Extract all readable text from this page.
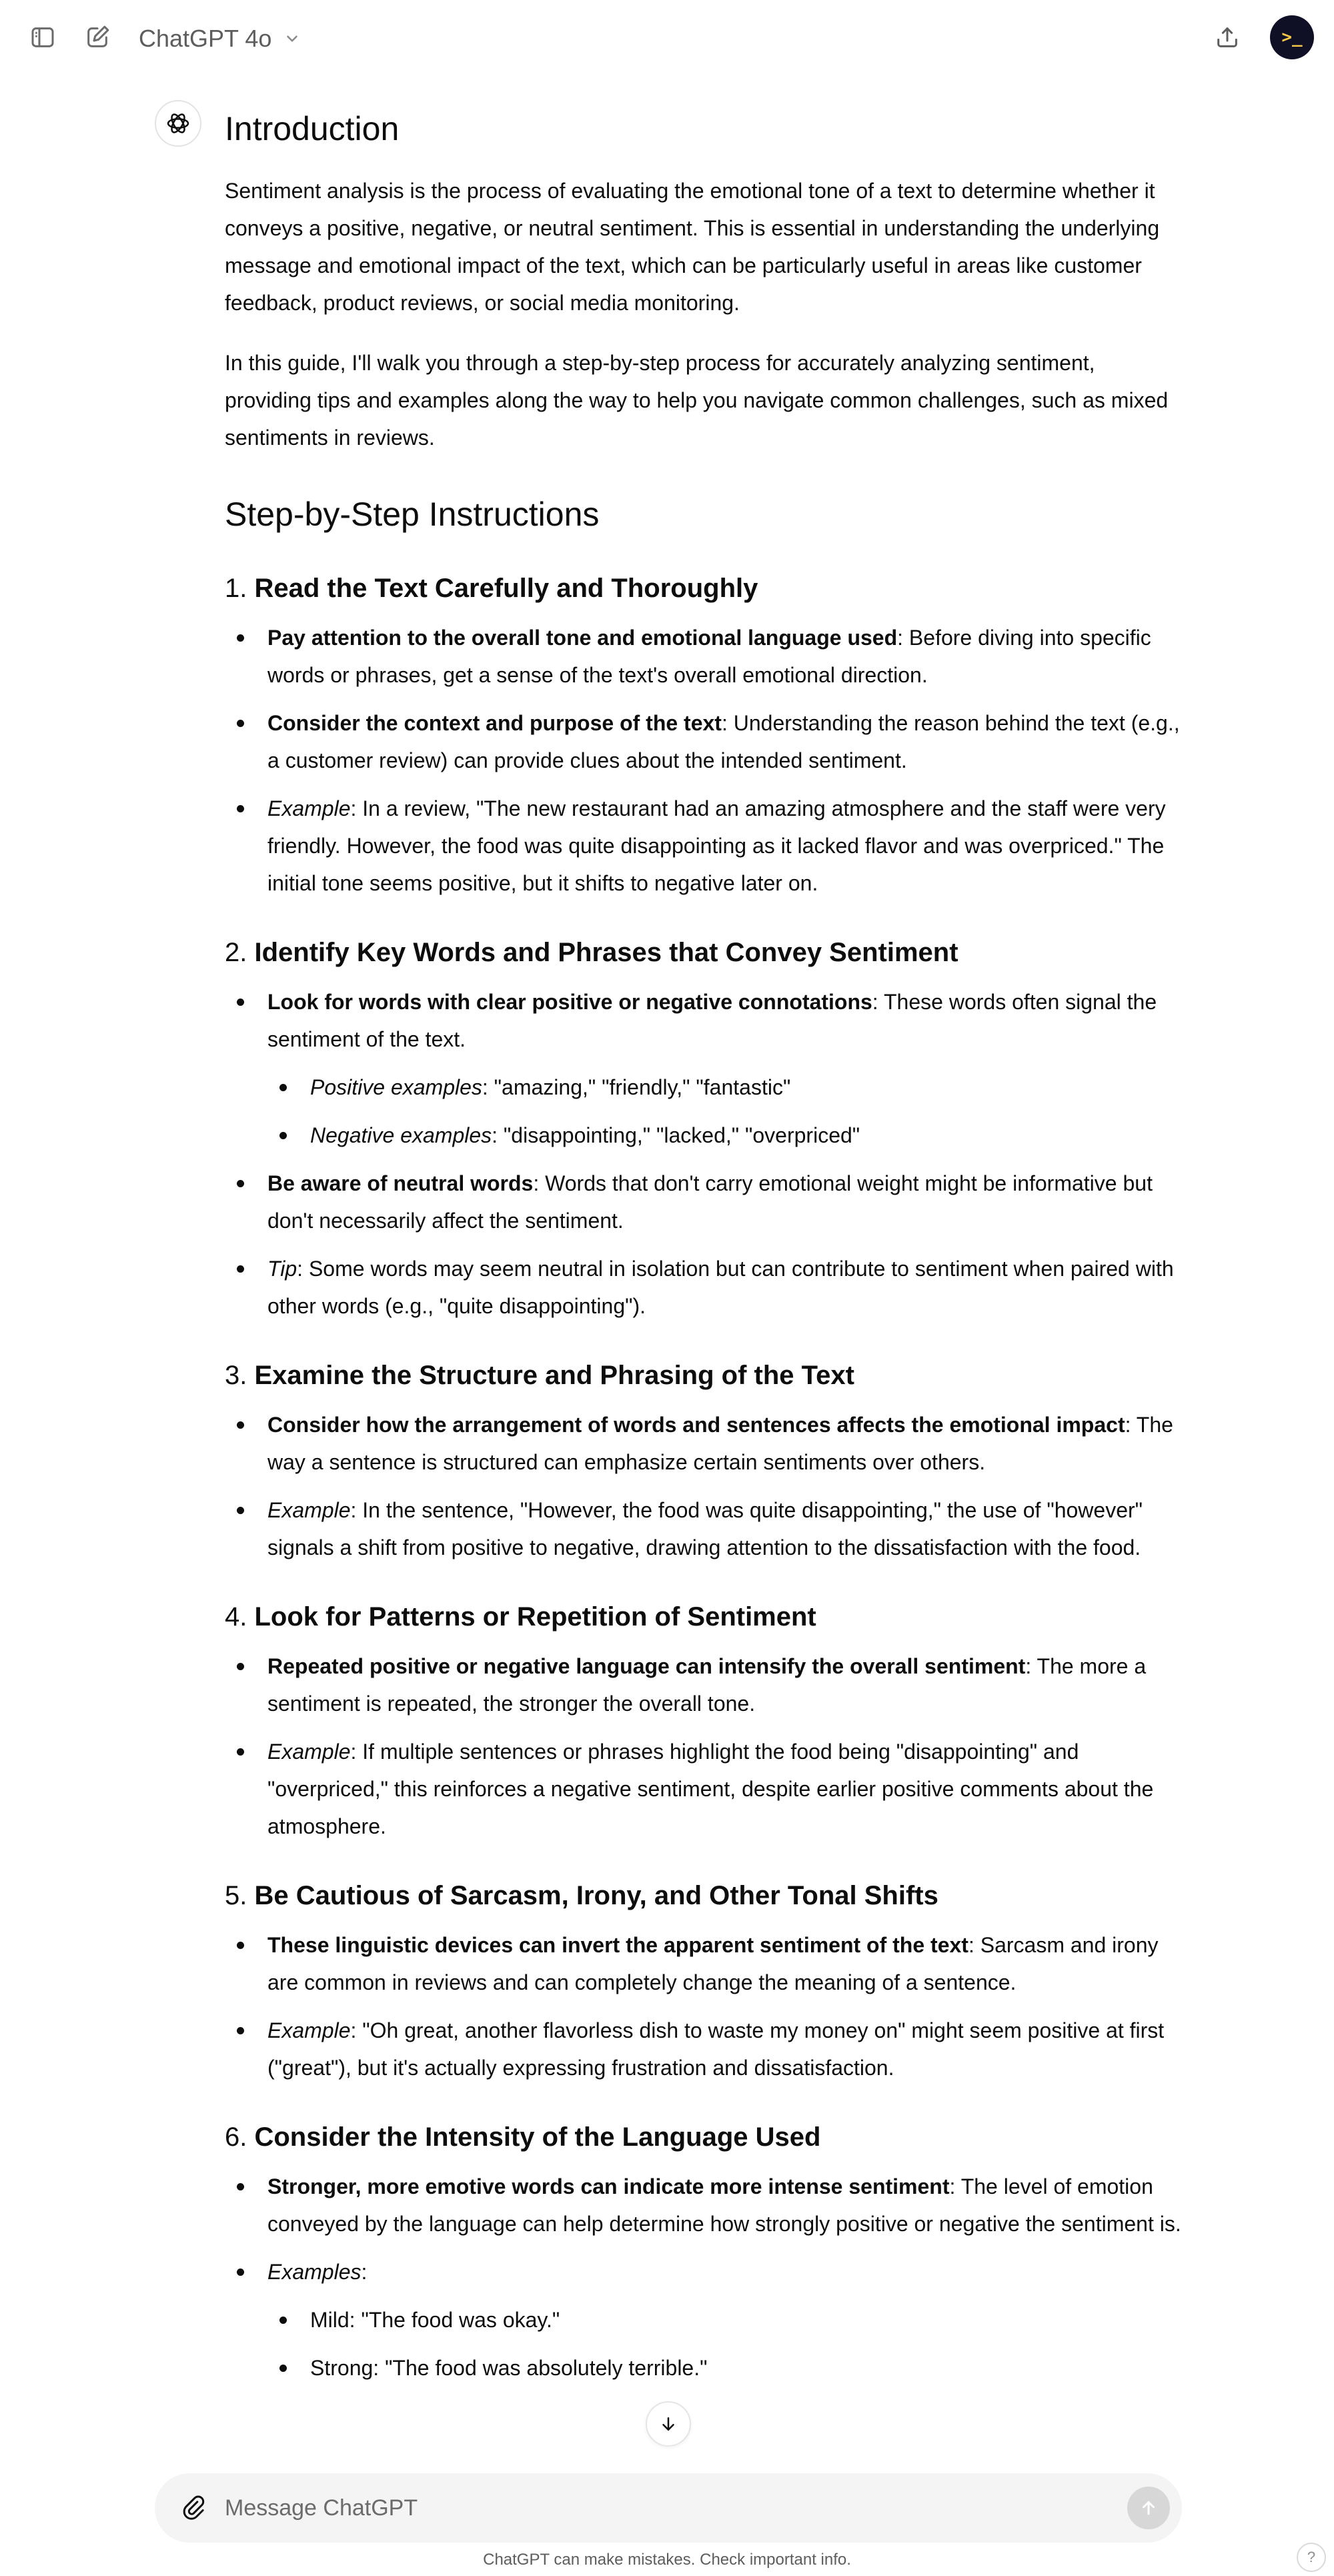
ChatGPT 4o	>_
Introduction

Sentiment analysis is the process of evaluating the emotional tone of a text to determine whether it conveys a positive, negative, or neutral sentiment. This is essential in understanding the underlying message and emotional impact of the text, which can be particularly useful in areas like customer feedback, product reviews, or social media monitoring.

In this guide, I'll walk you through a step-by-step process for accurately analyzing sentiment, providing tips and examples along the way to help you navigate common challenges, such as mixed sentiments in reviews.

Step-by-Step Instructions
1. Read the Text Carefully and Thoroughly
Pay attention to the overall tone and emotional language used: Before diving into specific words or phrases, get a sense of the text's overall emotional direction.
Consider the context and purpose of the text: Understanding the reason behind the text (e.g., a customer review) can provide clues about the intended sentiment.
Example: In a review, "The new restaurant had an amazing atmosphere and the staff were very friendly. However, the food was quite disappointing as it lacked flavor and was overpriced." The initial tone seems positive, but it shifts to negative later on.
2. Identify Key Words and Phrases that Convey Sentiment
Look for words with clear positive or negative connotations: These words often signal the sentiment of the text.
Positive examples: "amazing," "friendly," "fantastic"
Negative examples: "disappointing," "lacked," "overpriced"
Be aware of neutral words: Words that don't carry emotional weight might be informative but don't necessarily affect the sentiment.
Tip: Some words may seem neutral in isolation but can contribute to sentiment when paired with other words (e.g., "quite disappointing").
3. Examine the Structure and Phrasing of the Text
Consider how the arrangement of words and sentences affects the emotional impact: The way a sentence is structured can emphasize certain sentiments over others.
Example: In the sentence, "However, the food was quite disappointing," the use of "however" signals a shift from positive to negative, drawing attention to the dissatisfaction with the food.
4. Look for Patterns or Repetition of Sentiment
Repeated positive or negative language can intensify the overall sentiment: The more a sentiment is repeated, the stronger the overall tone.
Example: If multiple sentences or phrases highlight the food being "disappointing" and "overpriced," this reinforces a negative sentiment, despite earlier positive comments about the atmosphere.
5. Be Cautious of Sarcasm, Irony, and Other Tonal Shifts
These linguistic devices can invert the apparent sentiment of the text: Sarcasm and irony are common in reviews and can completely change the meaning of a sentence.
Example: "Oh great, another flavorless dish to waste my money on" might seem positive at first ("great"), but it's actually expressing frustration and dissatisfaction.
6. Consider the Intensity of the Language Used
Stronger, more emotive words can indicate more intense sentiment: The level of emotion conveyed by the language can help determine how strongly positive or negative the sentiment is.
Examples:
Mild: "The food was okay."
Strong: "The food was absolutely terrible."
Message ChatGPT
ChatGPT can make mistakes. Check important info.	?
